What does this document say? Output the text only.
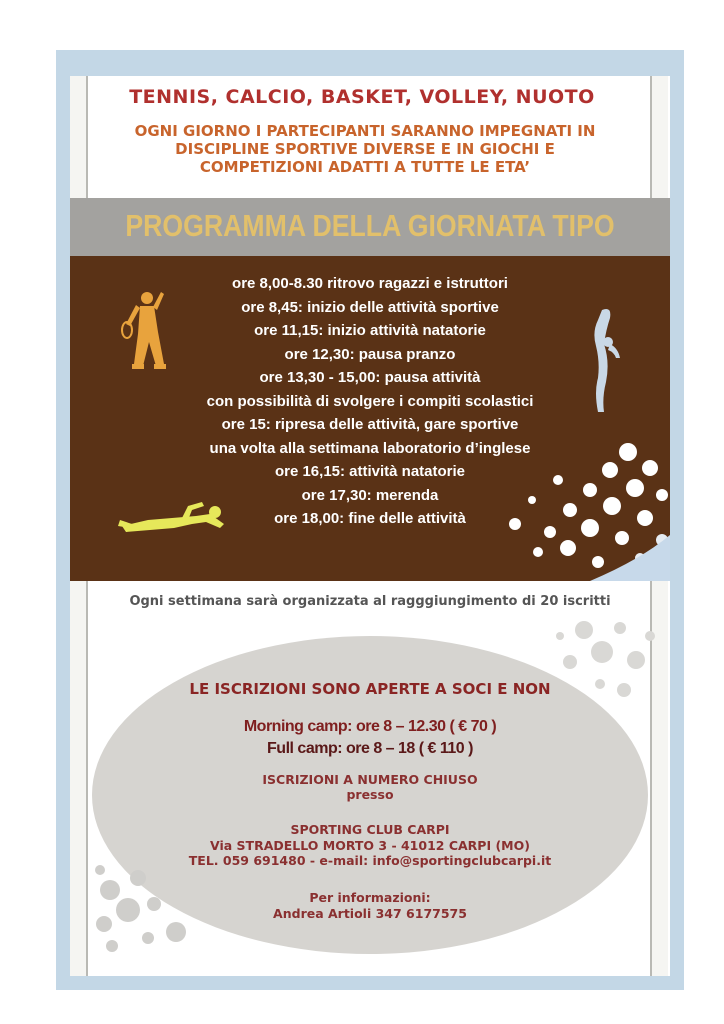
TENNIS, CALCIO, BASKET, VOLLEY, NUOTO
OGNI GIORNO I PARTECIPANTI SARANNO IMPEGNATI IN
DISCIPLINE SPORTIVE DIVERSE E IN GIOCHI E
COMPETIZIONI ADATTI A TUTTE LE ETA’
PROGRAMMA DELLA GIORNATA TIPO
ore 8,00-8.30 ritrovo ragazzi e istruttori
ore 8,45: inizio delle attività sportive
ore 11,15: inizio attività natatorie
ore 12,30: pausa pranzo
ore 13,30 - 15,00: pausa attività
con possibilità di svolgere i compiti scolastici
ore 15: ripresa delle attività, gare sportive
una volta alla settimana laboratorio d’inglese
ore 16,15: attività natatorie
ore 17,30: merenda
ore 18,00: fine delle attività
Ogni settimana sarà organizzata al ragggiungimento di 20 iscritti
LE ISCRIZIONI SONO APERTE A SOCI E NON
Morning camp: ore 8 – 12.30 ( € 70 )
Full camp: ore 8 – 18 ( € 110 )
ISCRIZIONI A NUMERO CHIUSO
presso
SPORTING CLUB CARPI
Via STRADELLO MORTO 3 - 41012 CARPI (MO)
TEL. 059 691480 - e-mail: info@sportingclubcarpi.it
Per informazioni:
Andrea Artioli 347 6177575
